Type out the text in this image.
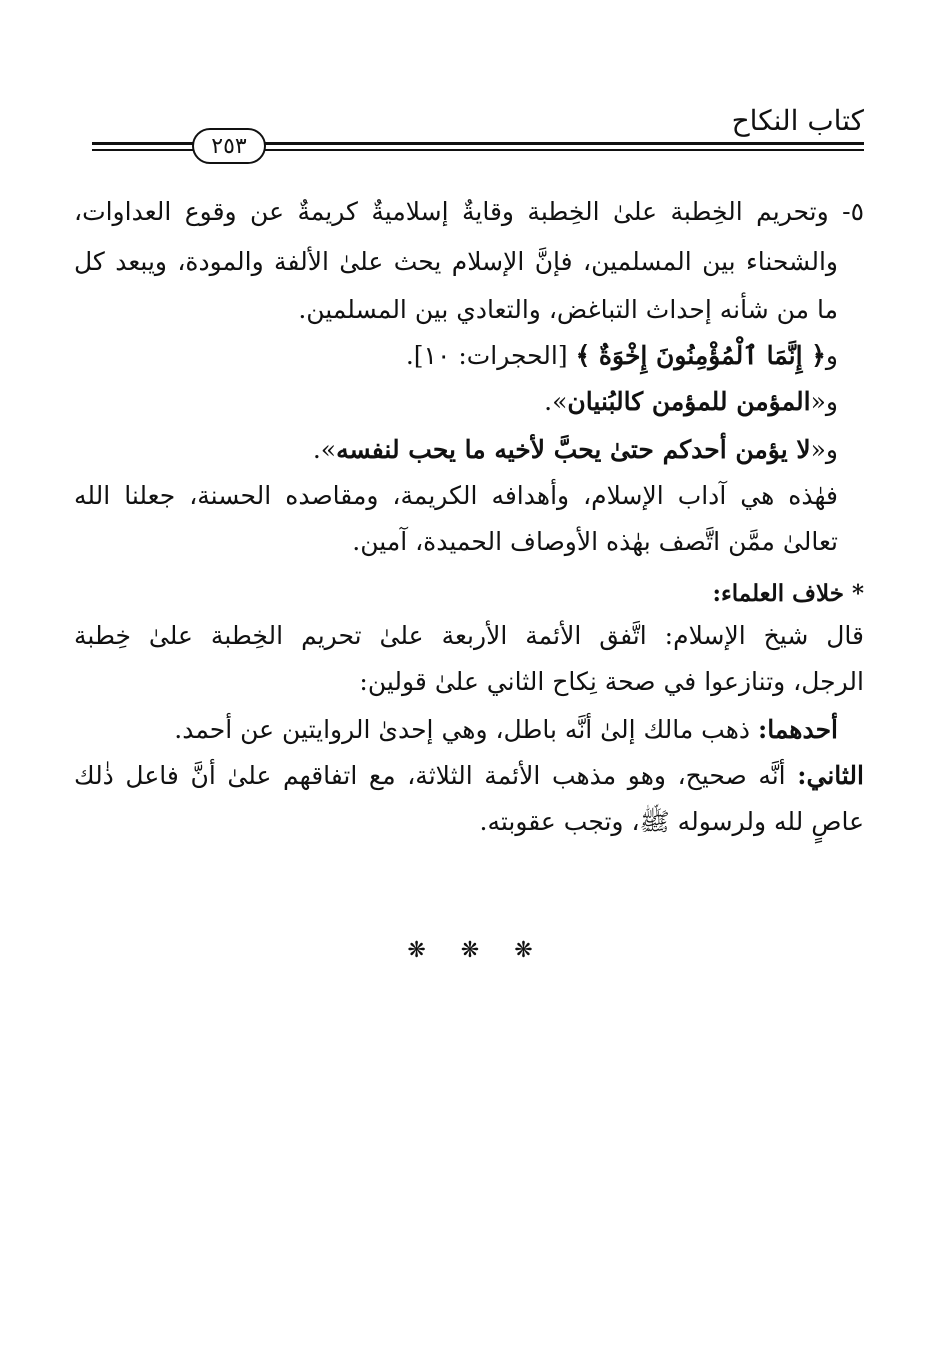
كتاب النكاح
٢٥٣
٥- وتحريم الخِطبة علىٰ الخِطبة وقايةٌ إسلاميةٌ كريمةٌ عن وقوع العداوات،
والشحناء بين المسلمين، فإنَّ الإسلام يحث علىٰ الألفة والمودة، ويبعد كل
ما من شأنه إحداث التباغض، والتعادي بين المسلمين.
و﴿ إِنَّمَا ٱلْمُؤْمِنُونَ إِخْوَةٌ ﴾ [الحجرات: ١٠].
و«المؤمن للمؤمن كالبُنيان».
و«لا يؤمن أحدكم حتىٰ يحبَّ لأخيه ما يحب لنفسه».
فهٰذه هي آداب الإسلام، وأهدافه الكريمة، ومقاصده الحسنة، جعلنا الله
تعالىٰ ممَّن اتَّصف بهٰذه الأوصاف الحميدة، آمين.
* خلاف العلماء:
قال شيخ الإسلام: اتَّفق الأئمة الأربعة علىٰ تحريم الخِطبة علىٰ خِطبة
الرجل، وتنازعوا في صحة نِكاح الثاني علىٰ قولين:
أحدهما: ذهب مالك إلىٰ أنَّه باطل، وهي إحدىٰ الروايتين عن أحمد.
الثاني: أنَّه صحيح، وهو مذهب الأئمة الثلاثة، مع اتفاقهم علىٰ أنَّ فاعل ذٰلك
عاصٍ لله ولرسوله ﷺ، وتجب عقوبته.
❋ ❋ ❋
